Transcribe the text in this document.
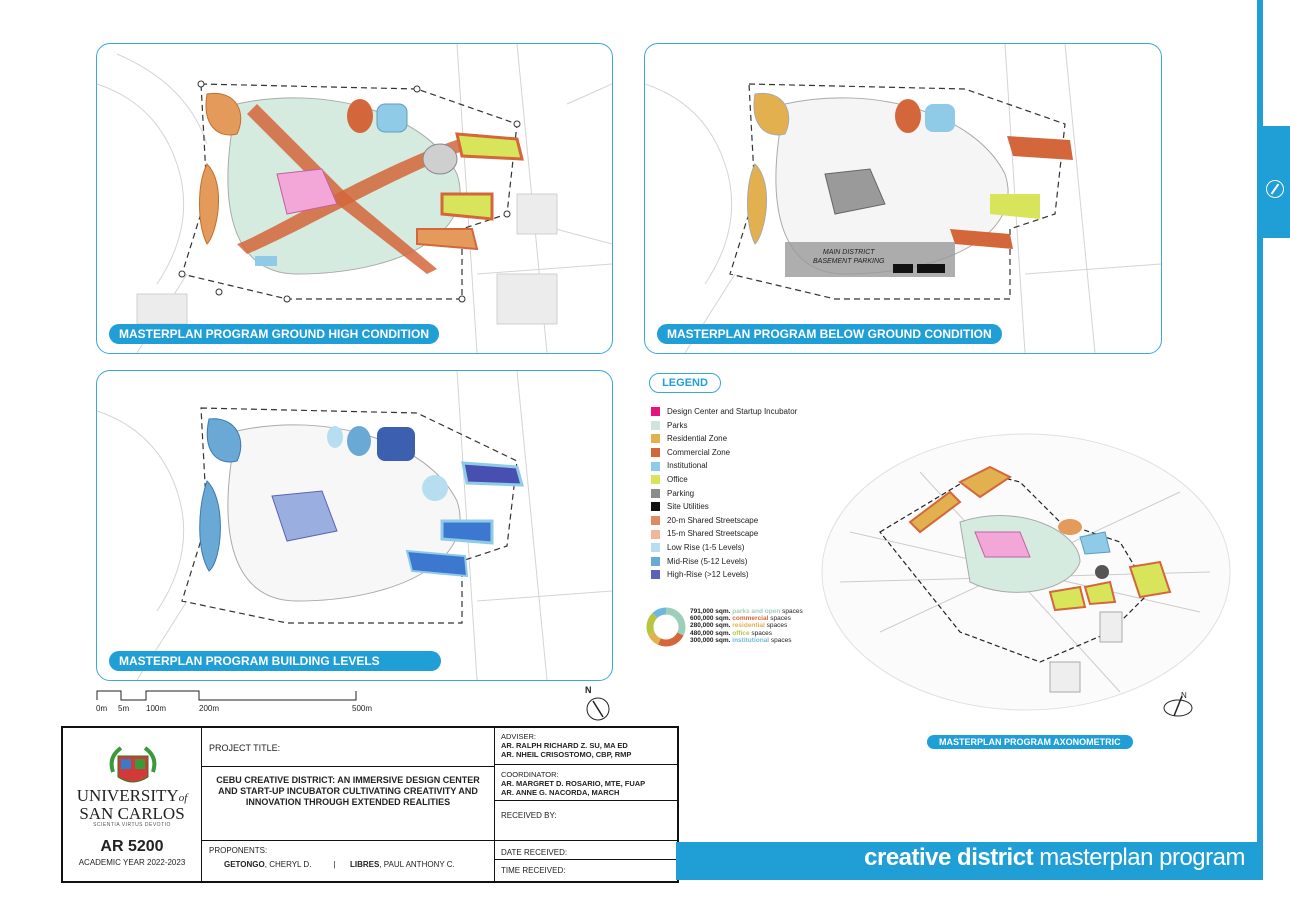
MASTERPLAN PROGRAM GROUND HIGH CONDITION
MAIN DISTRICT
BASEMENT PARKING
MASTERPLAN PROGRAM BELOW GROUND CONDITION
MASTERPLAN PROGRAM BUILDING LEVELS
LEGEND
Design Center and Startup Incubator
Parks
Residential Zone
Commercial Zone
Institutional
Office
Parking
Site Utilities
20-m Shared Streetscape
15-m Shared Streetscape
Low Rise (1-5 Levels)
Mid-Rise (5-12 Levels)
High-Rise (>12 Levels)
791,000 sqm. parks and open spaces
600,000 sqm. commercial spaces
280,000 sqm. residential spaces
480,000 sqm. office spaces
300,000 sqm. institutional spaces
MASTERPLAN PROGRAM AXONOMETRIC
N
0m 5m 100m	200m	500m
N
UNIVERSITYof
SAN CARLOS
SCIENTIA VIRTUS DEVOTIO
AR 5200
ACADEMIC YEAR 2022-2023
PROJECT TITLE:
CEBU CREATIVE DISTRICT: AN IMMERSIVE DESIGN CENTER AND START-UP INCUBATOR CULTIVATING CREATIVITY AND INNOVATION THROUGH EXTENDED REALITIES
PROPONENTS:
GETONGO, CHERYL D.	| LIBRES, PAUL ANTHONY C.
ADVISER:
AR. RALPH RICHARD Z. SU, MA ED
AR. NHEIL CRISOSTOMO, CBP, RMP
COORDINATOR:
AR. MARGRET D. ROSARIO, MTE, FUAP
AR. ANNE G. NACORDA, MARCH
RECEIVED BY:
DATE RECEIVED:
TIME RECEIVED:	creative district masterplan program
